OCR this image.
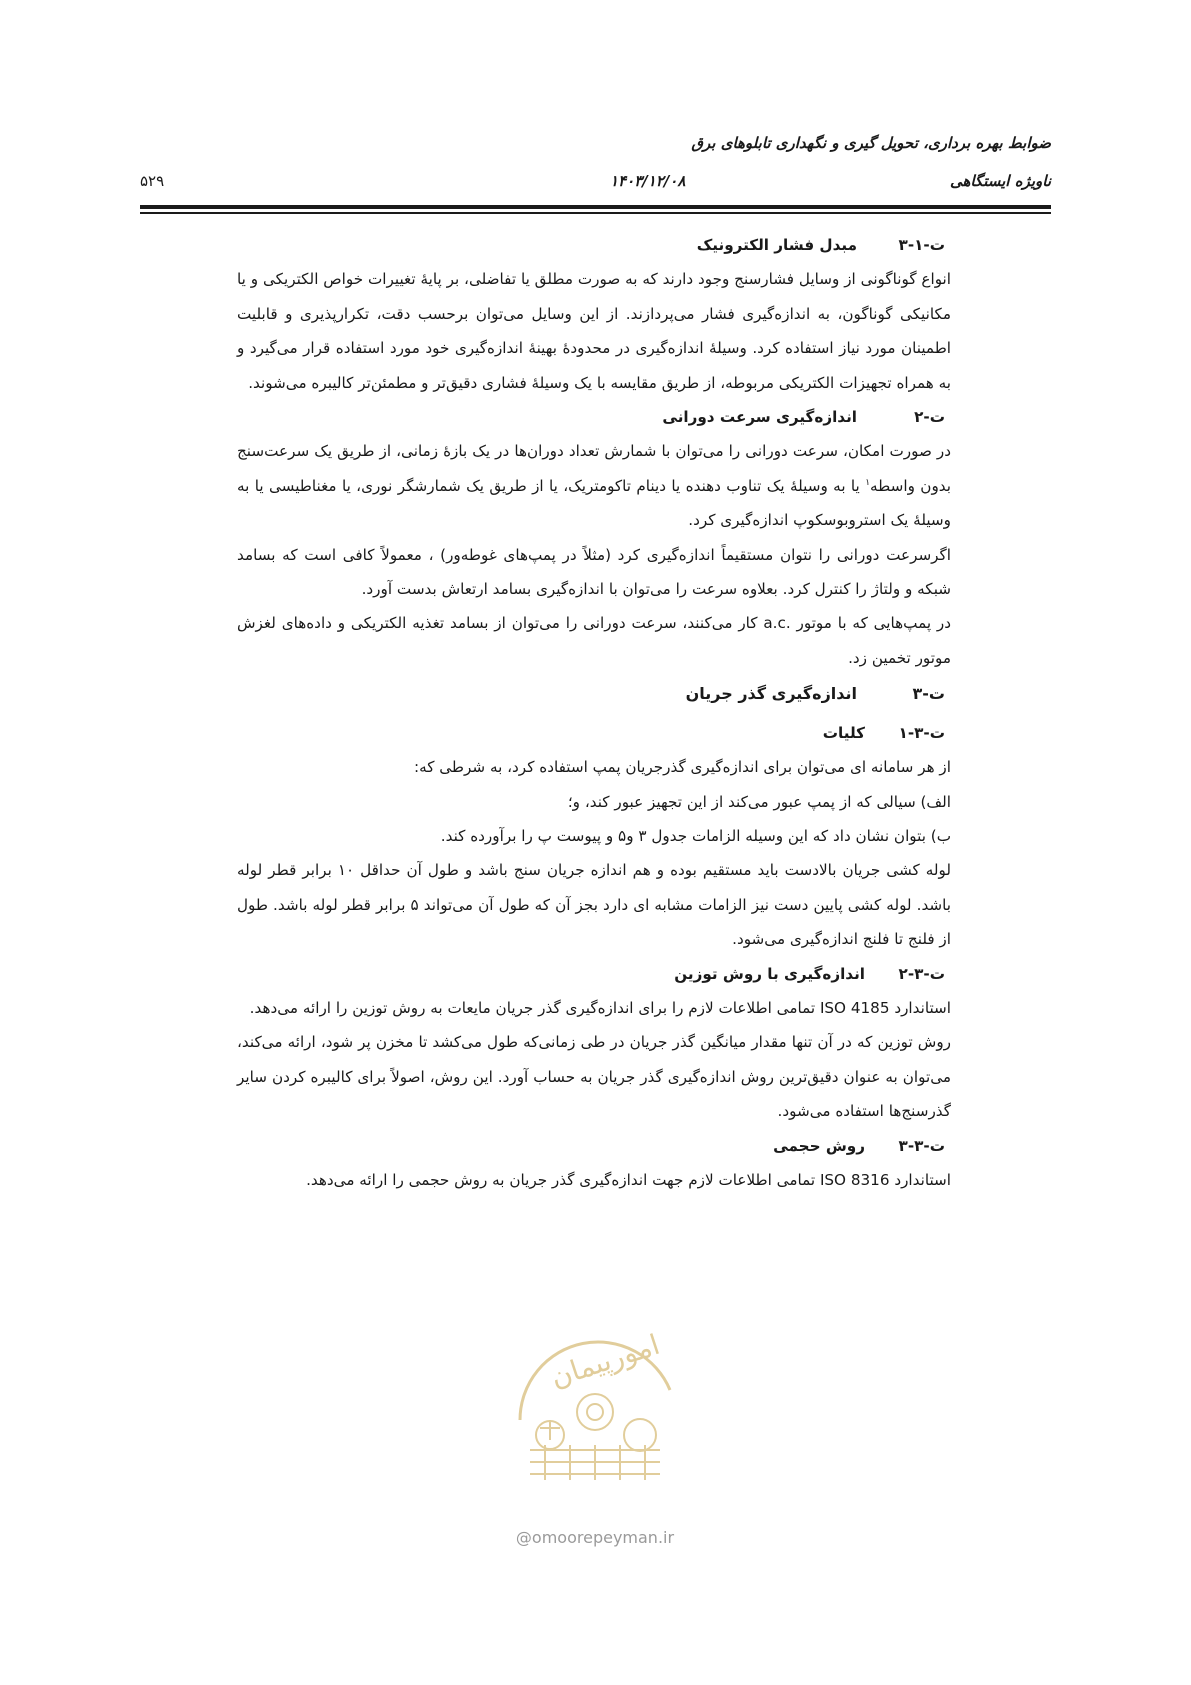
ضوابط بهره برداری، تحویل گیری و نگهداری تابلوهای برق
ناویژه ایستگاهی
۱۴۰۳/۱۲/۰۸
۵۲۹

ت-۱-۳مبدل فشار الکترونیک

انواع گوناگونی از وسایل فشارسنج وجود دارند که به صورت مطلق یا تفاضلی، بر پایهٔ تغییرات خواص الکتریکی و یا مکانیکی گوناگون، به اندازه‌گیری فشار می‌پردازند. از این وسایل می‌توان برحسب دقت، تکرارپذیری و قابلیت اطمینان مورد نیاز استفاده کرد. وسیلهٔ اندازه‌گیری در محدودهٔ بهینهٔ اندازه‌گیری خود مورد استفاده قرار می‌گیرد و به همراه تجهیزات الکتریکی مربوطه، از طریق مقایسه با یک وسیلهٔ فشاری دقیق‌تر و مطمئن‌تر کالیبره می‌شوند.

ت-۲اندازه‌گیری سرعت دورانی

در صورت امکان، سرعت دورانی را می‌توان با شمارش تعداد دوران‌ها در یک بازهٔ زمانی، از طریق یک سرعت‌سنج بدون واسطه$^۱$ یا به وسیلهٔ یک تناوب دهنده یا دینام تاکومتریک، یا از طریق یک شمارشگر نوری، یا مغناطیسی یا به وسیلهٔ یک استروبوسکوپ اندازه‌گیری کرد.

اگرسرعت دورانی را نتوان مستقیماً اندازه‌گیری کرد (مثلاً در پمپ‌های غوطه‌ور) ، معمولاً کافی است که بسامد شبکه و ولتاژ را کنترل کرد. بعلاوه سرعت را می‌توان با اندازه‌گیری بسامد ارتعاش بدست آورد.

در پمپ‌هایی که با موتور .a.c کار می‌کنند، سرعت دورانی را می‌توان از بسامد تغذیه الکتریکی و داده‌های لغزش موتور تخمین زد.

ت-۳اندازه‌گیری گذر جریان

ت-۳-۱کلیات

از هر سامانه ای می‌توان برای اندازه‌گیری گذرجریان پمپ استفاده کرد، به شرطی که:

الف) سیالی که از پمپ عبور می‌کند از این تجهیز عبور کند، و؛

ب) بتوان نشان داد که این وسیله الزامات جدول ۳ و۵ و پیوست پ را برآورده کند.

لوله کشی جریان بالادست باید مستقیم بوده و هم اندازه جریان سنج باشد و طول آن حداقل ۱۰ برابر قطر لوله باشد. لوله کشی پایین دست نیز الزامات مشابه ای دارد بجز آن که طول آن می‌تواند ۵ برابر قطر لوله باشد. طول از فلنج تا فلنج اندازه‌گیری می‌شود.

ت-۳-۲اندازه‌گیری با روش توزین

استاندارد ISO 4185 تمامی اطلاعات لازم را برای اندازه‌گیری گذر جریان مایعات به روش توزین را ارائه می‌دهد.

روش توزین که در آن تنها مقدار میانگین گذر جریان در طی زمانی‌که طول می‌کشد تا مخزن پر شود، ارائه می‌کند، می‌توان به عنوان دقیق‌ترین روش اندازه‌گیری گذر جریان به حساب آورد. این روش، اصولاً برای کالیبره کردن سایر گذرسنج‌ها استفاده می‌شود.

ت-۳-۳روش حجمی

استاندارد ISO 8316 تمامی اطلاعات لازم جهت اندازه‌گیری گذر جریان به روش حجمی را ارائه می‌دهد.

امورپیمان
@omoorepeyman.ir
